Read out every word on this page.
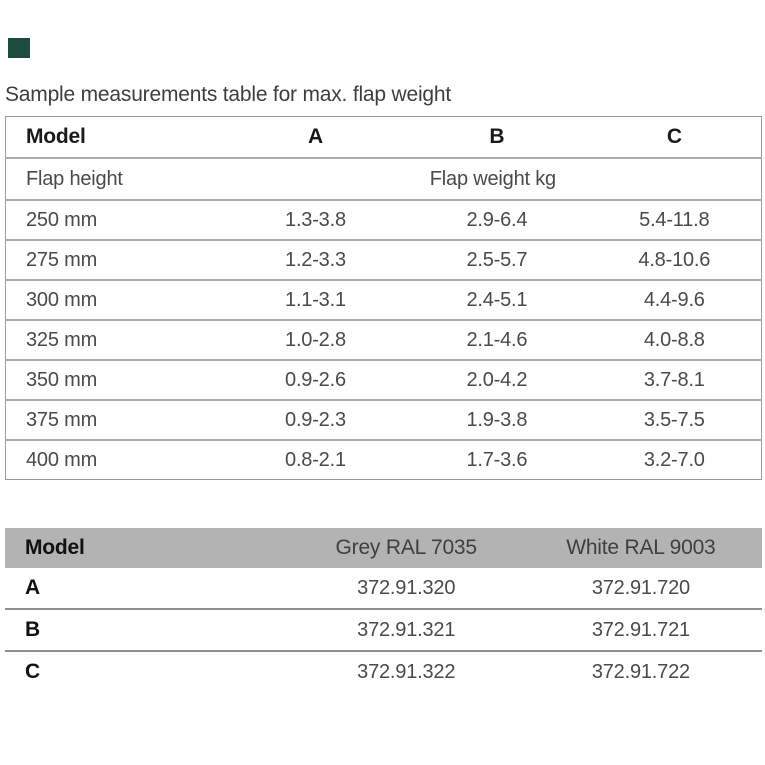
Sample measurements table for max. flap weight
Model	A	B	C
Flap height	Flap weight kg		
250 mm	1.3-3.8	2.9-6.4	5.4-11.8
275 mm	1.2-3.3	2.5-5.7	4.8-10.6
300 mm	1.1-3.1	2.4-5.1	4.4-9.6
325 mm	1.0-2.8	2.1-4.6	4.0-8.8
350 mm	0.9-2.6	2.0-4.2	3.7-8.1
375 mm	0.9-2.3	1.9-3.8	3.5-7.5
400 mm	0.8-2.1	1.7-3.6	3.2-7.0
Model	Grey RAL 7035	White RAL 9003
A	372.91.320	372.91.720
B	372.91.321	372.91.721
C	372.91.322	372.91.722
